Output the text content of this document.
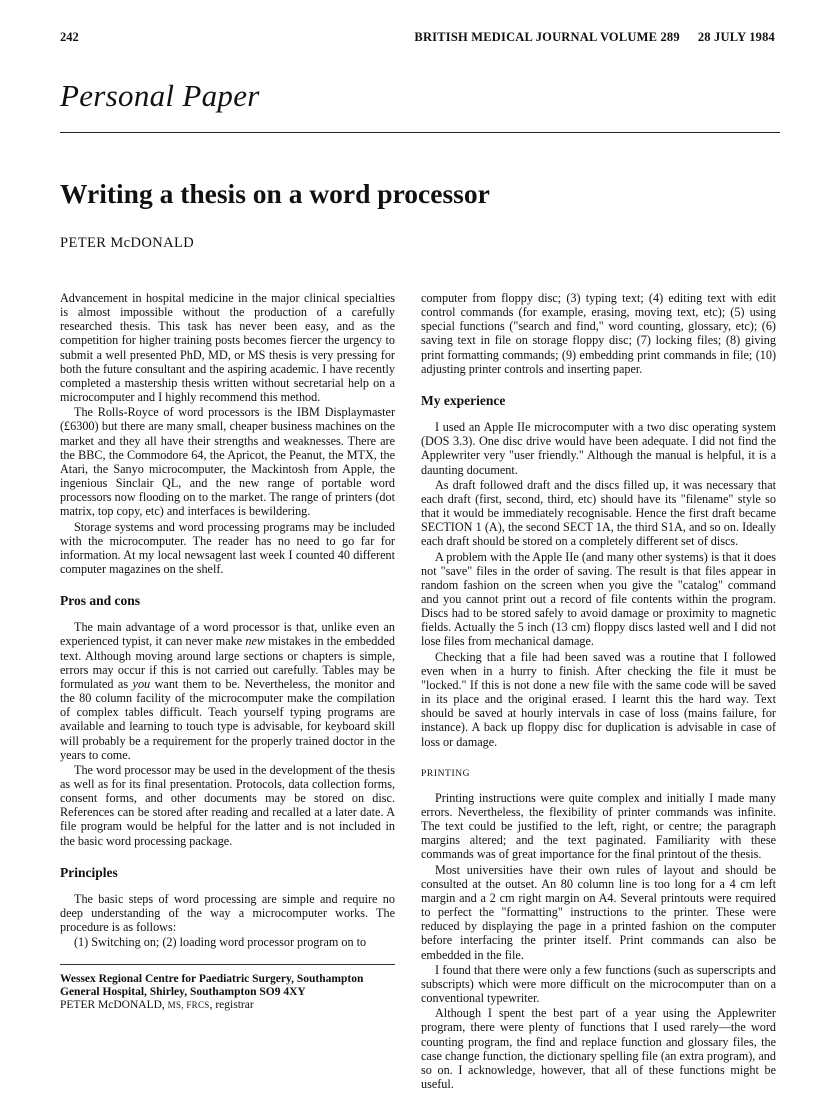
242	BRITISH MEDICAL JOURNAL VOLUME 289 28 JULY 1984
Personal Paper
Writing a thesis on a word processor
PETER McDONALD

Advancement in hospital medicine in the major clinical specialties is almost impossible without the production of a carefully researched thesis. This task has never been easy, and as the competition for higher training posts becomes fiercer the urgency to submit a well presented PhD, MD, or MS thesis is very pressing for both the future consultant and the aspiring academic. I have recently completed a mastership thesis written without secretarial help on a microcomputer and I highly recommend this method.

The Rolls-Royce of word processors is the IBM Displaymaster (£6300) but there are many small, cheaper business machines on the market and they all have their strengths and weaknesses. There are the BBC, the Commodore 64, the Apricot, the Peanut, the MTX, the Atari, the Sanyo microcomputer, the Mackintosh from Apple, the ingenious Sinclair QL, and the new range of portable word processors now flooding on to the market. The range of printers (dot matrix, top copy, etc) and interfaces is bewildering.

Storage systems and word processing programs may be included with the microcomputer. The reader has no need to go far for information. At my local newsagent last week I counted 40 different computer magazines on the shelf.

Pros and cons

The main advantage of a word processor is that, unlike even an experienced typist, it can never make new mistakes in the embedded text. Although moving around large sections or chapters is simple, errors may occur if this is not carried out carefully. Tables may be formulated as you want them to be. Nevertheless, the monitor and the 80 column facility of the microcomputer make the compilation of complex tables difficult. Teach yourself typing programs are available and learning to touch type is advisable, for keyboard skill will probably be a requirement for the properly trained doctor in the years to come.

The word processor may be used in the development of the thesis as well as for its final presentation. Protocols, data collection forms, consent forms, and other documents may be stored on disc. References can be stored after reading and recalled at a later date. A file program would be helpful for the latter and is not included in the basic word processing package.

Principles

The basic steps of word processing are simple and require no deep understanding of the way a microcomputer works. The procedure is as follows:

(1) Switching on; (2) loading word processor program on to

Wessex Regional Centre for Paediatric Surgery, Southampton General Hospital, Shirley, Southampton SO9 4XY
PETER McDONALD, MS, FRCS, registrar

computer from floppy disc; (3) typing text; (4) editing text with edit control commands (for example, erasing, moving text, etc); (5) using special functions ("search and find," word counting, glossary, etc); (6) saving text in file on storage floppy disc; (7) locking files; (8) giving print formatting commands; (9) embedding print commands in file; (10) adjusting printer controls and inserting paper.

My experience

I used an Apple IIe microcomputer with a two disc operating system (DOS 3.3). One disc drive would have been adequate. I did not find the Applewriter very "user friendly." Although the manual is helpful, it is a daunting document.

As draft followed draft and the discs filled up, it was necessary that each draft (first, second, third, etc) should have its "filename" style so that it would be immediately recognisable. Hence the first draft became SECTION 1 (A), the second SECT 1A, the third S1A, and so on. Ideally each draft should be stored on a completely different set of discs.

A problem with the Apple IIe (and many other systems) is that it does not "save" files in the order of saving. The result is that files appear in random fashion on the screen when you give the "catalog" command and you cannot print out a record of file contents within the program. Discs had to be stored safely to avoid damage or proximity to magnetic fields. Actually the 5 inch (13 cm) floppy discs lasted well and I did not lose files from mechanical damage.

Checking that a file had been saved was a routine that I followed even when in a hurry to finish. After checking the file it must be "locked." If this is not done a new file with the same code will be saved in its place and the original erased. I learnt this the hard way. Text should be saved at hourly intervals in case of loss (mains failure, for instance). A back up floppy disc for duplication is advisable in case of loss or damage.

PRINTING

Printing instructions were quite complex and initially I made many errors. Nevertheless, the flexibility of printer commands was infinite. The text could be justified to the left, right, or centre; the paragraph margins altered; and the text paginated. Familiarity with these commands was of great importance for the final printout of the thesis.

Most universities have their own rules of layout and should be consulted at the outset. An 80 column line is too long for a 4 cm left margin and a 2 cm right margin on A4. Several printouts were required to perfect the "formatting" instructions to the printer. These were reduced by displaying the page in a printed fashion on the computer before interfacing the printer itself. Print commands can also be embedded in the file.

I found that there were only a few functions (such as superscripts and subscripts) which were more difficult on the microcomputer than on a conventional typewriter.

Although I spent the best part of a year using the Applewriter program, there were plenty of functions that I used rarely—the word counting program, the find and replace function and glossary files, the case change function, the dictionary spelling file (an extra program), and so on. I acknowledge, however, that all of these functions might be useful.
